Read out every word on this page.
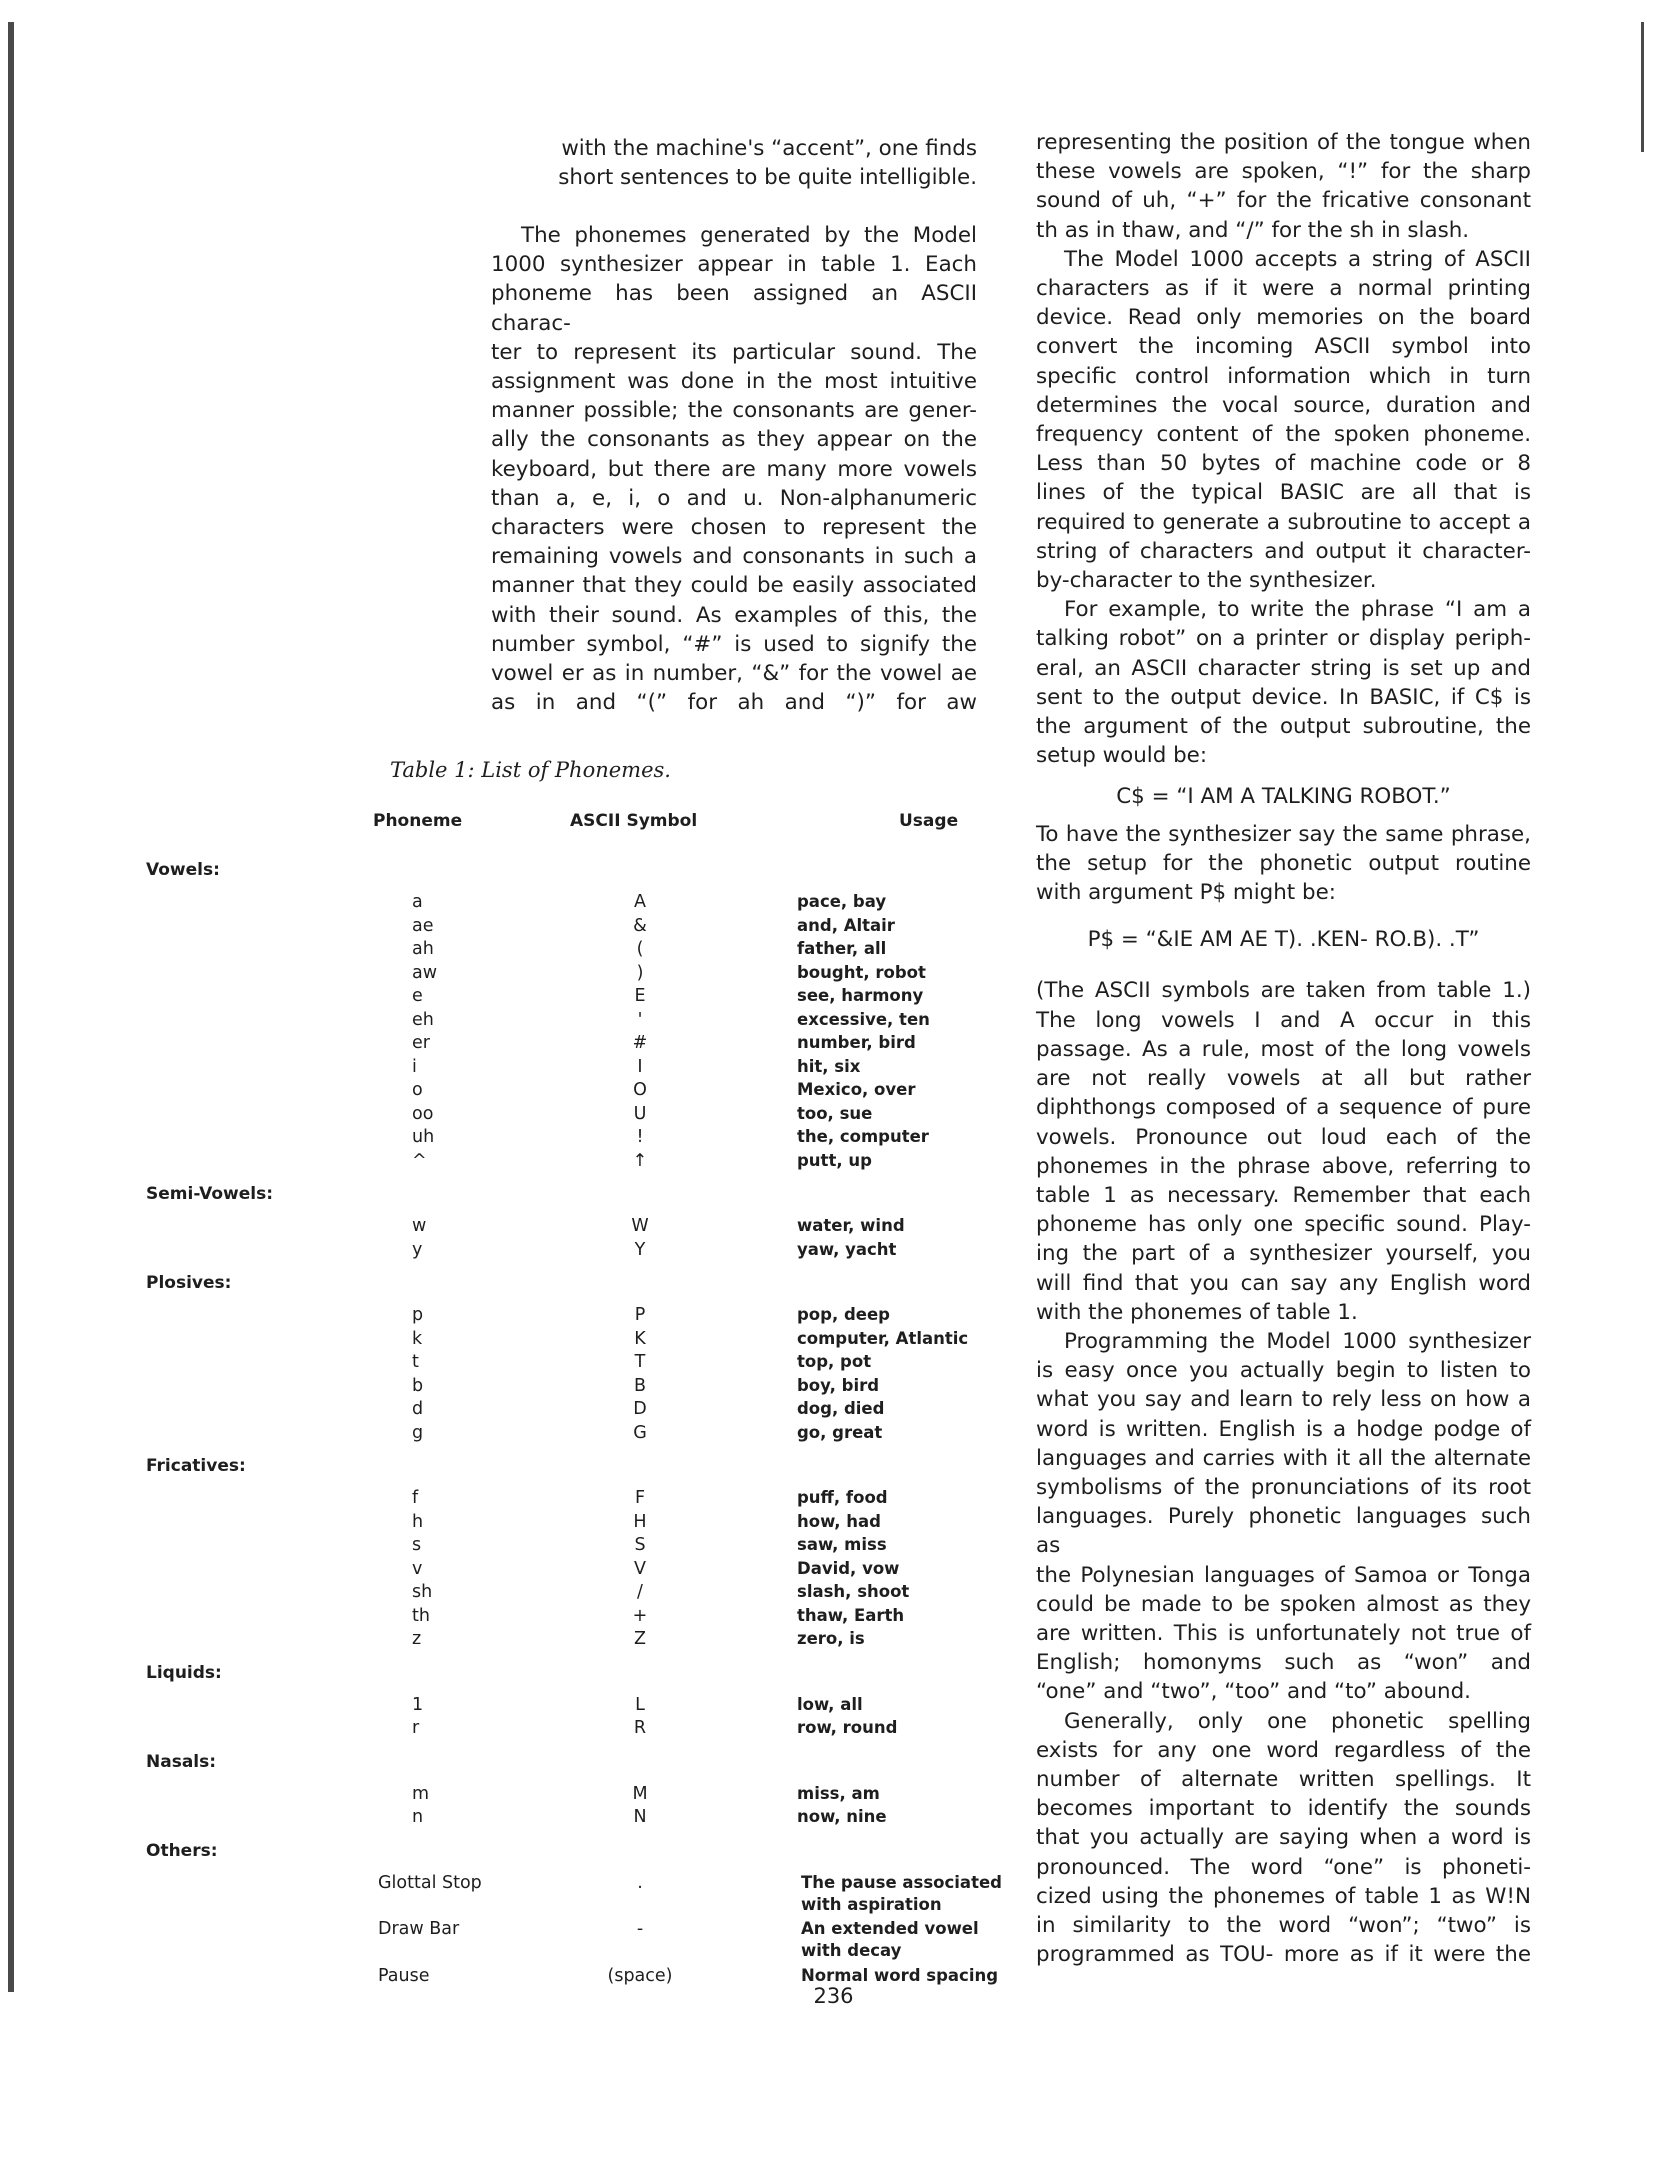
with the machine's “accent”, one finds
short sentences to be quite intelligible.
The phonemes generated by the Model
1000 synthesizer appear in table 1. Each
phoneme has been assigned an ASCII charac-
ter to represent its particular sound. The
assignment was done in the most intuitive
manner possible; the consonants are gener-
ally the consonants as they appear on the
keyboard, but there are many more vowels
than a, e, i, o and u. Non-alphanumeric
characters were chosen to represent the
remaining vowels and consonants in such a
manner that they could be easily associated
with their sound. As examples of this, the
number symbol, “#” is used to signify the
vowel er as in number, “&” for the vowel ae
as in and “(” for ah and “)” for aw
representing the position of the tongue when
these vowels are spoken, “!” for the sharp
sound of uh, “+” for the fricative consonant
th as in thaw, and “/” for the sh in slash.
The Model 1000 accepts a string of ASCII
characters as if it were a normal printing
device. Read only memories on the board
convert the incoming ASCII symbol into
specific control information which in turn
determines the vocal source, duration and
frequency content of the spoken phoneme.
Less than 50 bytes of machine code or 8
lines of the typical BASIC are all that is
required to generate a subroutine to accept a
string of characters and output it character-
by-character to the synthesizer.
For example, to write the phrase “I am a
talking robot” on a printer or display periph-
eral, an ASCII character string is set up and
sent to the output device. In BASIC, if C$ is
the argument of the output subroutine, the
setup would be:
C$ = “I AM A TALKING ROBOT.”
To have the synthesizer say the same phrase,
the setup for the phonetic output routine
with argument P$ might be:
P$ = “&IE AM AE T). .KEN- RO.B). .T”
(The ASCII symbols are taken from table 1.)
The long vowels I and A occur in this
passage. As a rule, most of the long vowels
are not really vowels at all but rather
diphthongs composed of a sequence of pure
vowels. Pronounce out loud each of the
phonemes in the phrase above, referring to
table 1 as necessary. Remember that each
phoneme has only one specific sound. Play-
ing the part of a synthesizer yourself, you
will find that you can say any English word
with the phonemes of table 1.
Programming the Model 1000 synthesizer
is easy once you actually begin to listen to
what you say and learn to rely less on how a
word is written. English is a hodge podge of
languages and carries with it all the alternate
symbolisms of the pronunciations of its root
languages. Purely phonetic languages such as
the Polynesian languages of Samoa or Tonga
could be made to be spoken almost as they
are written. This is unfortunately not true of
English; homonyms such as “won” and
“one” and “two”, “too” and “to” abound.
Generally, only one phonetic spelling
exists for any one word regardless of the
number of alternate written spellings. It
becomes important to identify the sounds
that you actually are saying when a word is
pronounced. The word “one” is phoneti-
cized using the phonemes of table 1 as W!N
in similarity to the word “won”; “two” is
programmed as TOU- more as if it were the
Table 1: List of Phonemes.
Phoneme	ASCII Symbol	Usage
Vowels:
a	A	pace, bay
ae	&	and, Altair
ah	(	father, all
aw	)	bought, robot
e	E	see, harmony
eh	'	excessive, ten
er	#	number, bird
i	I	hit, six
o	O	Mexico, over
oo	U	too, sue
uh	!	the, computer
^	↑	putt, up
Semi-Vowels:
w	W	water, wind
y	Y	yaw, yacht
Plosives:
p	P	pop, deep
k	K	computer, Atlantic
t	T	top, pot
b	B	boy, bird
d	D	dog, died
g	G	go, great
Fricatives:
f	F	puff, food
h	H	how, had
s	S	saw, miss
v	V	David, vow
sh	/	slash, shoot
th	+	thaw, Earth
z	Z	zero, is
Liquids:
1	L	low, all
r	R	row, round
Nasals:
m	M	miss, am
n	N	now, nine
Others:
Glottal Stop	.	The pause associated with aspiration
Draw Bar	-	An extended vowel with decay
Pause	(space)	Normal word spacing
236
